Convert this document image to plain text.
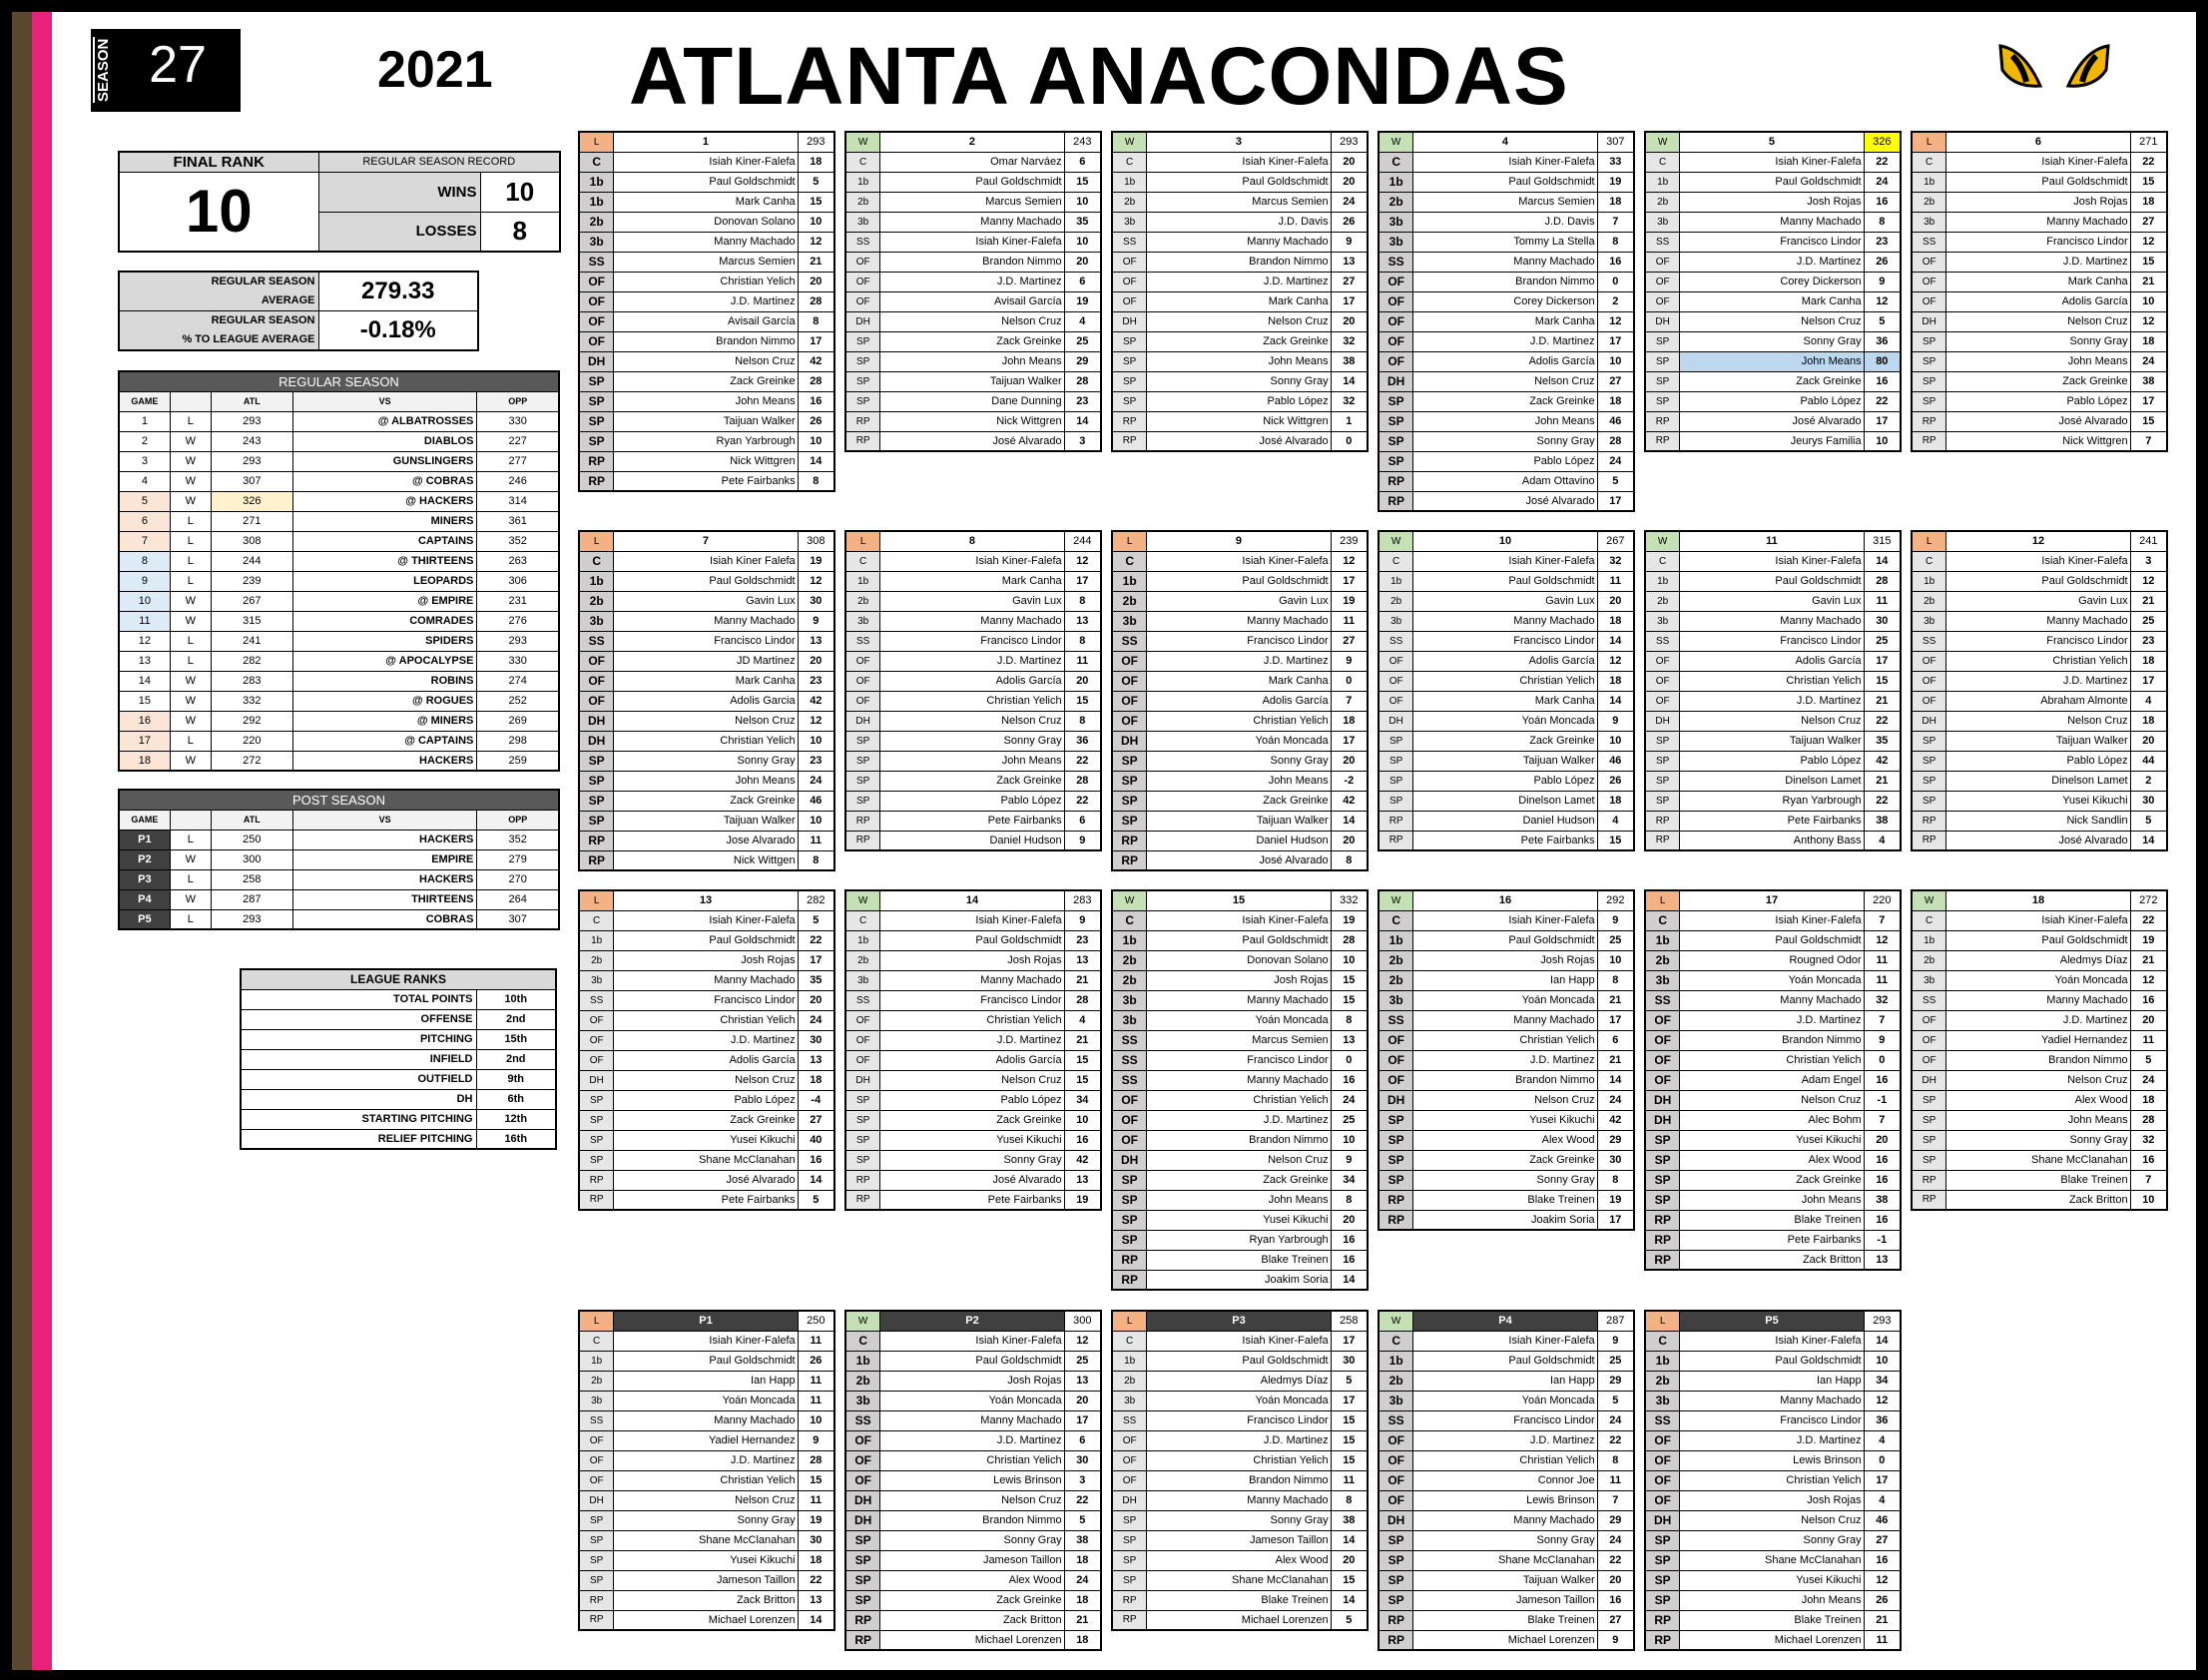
SEASON 27	2021 ATLANTA ANACONDAS
FINAL RANK	REGULAR SEASON RECORD	
10	WINS	10
	LOSSES	8
REGULAR SEASON
AVERAGE	279.33
REGULAR SEASON
% TO LEAGUE AVERAGE	-0.18%
REGULAR SEASON				
GAME		ATL	VS	OPP
1	L	293	@ ALBATROSSES	330
2	W	243	DIABLOS	227
3	W	293	GUNSLINGERS	277
4	W	307	@ COBRAS	246
5	W	326	@ HACKERS	314
6	L	271	MINERS	361
7	L	308	CAPTAINS	352
8	L	244	@ THIRTEENS	263
9	L	239	LEOPARDS	306
10	W	267	@ EMPIRE	231
11	W	315	COMRADES	276
12	L	241	SPIDERS	293
13	L	282	@ APOCALYPSE	330
14	W	283	ROBINS	274
15	W	332	@ ROGUES	252
16	W	292	@ MINERS	269
17	L	220	@ CAPTAINS	298
18	W	272	HACKERS	259
POST SEASON				
GAME		ATL	VS	OPP
P1	L	250	HACKERS	352
P2	W	300	EMPIRE	279
P3	L	258	HACKERS	270
P4	W	287	THIRTEENS	264
P5	L	293	COBRAS	307
LEAGUE RANKS	
TOTAL POINTS	10th
OFFENSE	2nd
PITCHING	15th
INFIELD	2nd
OUTFIELD	9th
DH	6th
STARTING PITCHING	12th
RELIEF PITCHING	16th
L	1	293
C	Isiah Kiner-Falefa	18
1b	Paul Goldschmidt	5
1b	Mark Canha	15
2b	Donovan Solano	10
3b	Manny Machado	12
SS	Marcus Semien	21
OF	Christian Yelich	20
OF	J.D. Martinez	28
OF	Avisail García	8
OF	Brandon Nimmo	17
DH	Nelson Cruz	42
SP	Zack Greinke	28
SP	John Means	16
SP	Taijuan Walker	26
SP	Ryan Yarbrough	10
RP	Nick Wittgren	14
RP	Pete Fairbanks	8
W	2	243
C	Omar Narváez	6
1b	Paul Goldschmidt	15
2b	Marcus Semien	10
3b	Manny Machado	35
SS	Isiah Kiner-Falefa	10
OF	Brandon Nimmo	20
OF	J.D. Martinez	6
OF	Avisail García	19
DH	Nelson Cruz	4
SP	Zack Greinke	25
SP	John Means	29
SP	Taijuan Walker	28
SP	Dane Dunning	23
RP	Nick Wittgren	14
RP	José Alvarado	3
W	3	293
C	Isiah Kiner-Falefa	20
1b	Paul Goldschmidt	20
2b	Marcus Semien	24
3b	J.D. Davis	26
SS	Manny Machado	9
OF	Brandon Nimmo	13
OF	J.D. Martinez	27
OF	Mark Canha	17
DH	Nelson Cruz	20
SP	Zack Greinke	32
SP	John Means	38
SP	Sonny Gray	14
SP	Pablo López	32
RP	Nick Wittgren	1
RP	José Alvarado	0
W	4	307
C	Isiah Kiner-Falefa	33
1b	Paul Goldschmidt	19
2b	Marcus Semien	18
3b	J.D. Davis	7
3b	Tommy La Stella	8
SS	Manny Machado	16
OF	Brandon Nimmo	0
OF	Corey Dickerson	2
OF	Mark Canha	12
OF	J.D. Martinez	17
OF	Adolis García	10
DH	Nelson Cruz	27
SP	Zack Greinke	18
SP	John Means	46
SP	Sonny Gray	28
SP	Pablo López	24
RP	Adam Ottavino	5
RP	José Alvarado	17
W	5	326
C	Isiah Kiner-Falefa	22
1b	Paul Goldschmidt	24
2b	Josh Rojas	16
3b	Manny Machado	8
SS	Francisco Lindor	23
OF	J.D. Martinez	26
OF	Corey Dickerson	9
OF	Mark Canha	12
DH	Nelson Cruz	5
SP	Sonny Gray	36
SP	John Means	80
SP	Zack Greinke	16
SP	Pablo López	22
RP	José Alvarado	17
RP	Jeurys Familia	10
L	6	271
C	Isiah Kiner-Falefa	22
1b	Paul Goldschmidt	15
2b	Josh Rojas	18
3b	Manny Machado	27
SS	Francisco Lindor	12
OF	J.D. Martinez	15
OF	Mark Canha	21
OF	Adolis García	10
DH	Nelson Cruz	12
SP	Sonny Gray	18
SP	John Means	24
SP	Zack Greinke	38
SP	Pablo López	17
RP	José Alvarado	15
RP	Nick Wittgren	7
L	7	308
C	Isiah Kiner Falefa	19
1b	Paul Goldschmidt	12
2b	Gavin Lux	30
3b	Manny Machado	9
SS	Francisco Lindor	13
OF	JD Martinez	20
OF	Mark Canha	23
OF	Adolis Garcia	42
DH	Nelson Cruz	12
DH	Christian Yelich	10
SP	Sonny Gray	23
SP	John Means	24
SP	Zack Greinke	46
SP	Taijuan Walker	10
RP	Jose Alvarado	11
RP	Nick Wittgen	8
L	8	244
C	Isiah Kiner-Falefa	12
1b	Mark Canha	17
2b	Gavin Lux	8
3b	Manny Machado	13
SS	Francisco Lindor	8
OF	J.D. Martinez	11
OF	Adolis García	20
OF	Christian Yelich	15
DH	Nelson Cruz	8
SP	Sonny Gray	36
SP	John Means	22
SP	Zack Greinke	28
SP	Pablo López	22
RP	Pete Fairbanks	6
RP	Daniel Hudson	9
L	9	239
C	Isiah Kiner-Falefa	12
1b	Paul Goldschmidt	17
2b	Gavin Lux	19
3b	Manny Machado	11
SS	Francisco Lindor	27
OF	J.D. Martinez	9
OF	Mark Canha	0
OF	Adolis García	7
OF	Christian Yelich	18
DH	Yoán Moncada	17
SP	Sonny Gray	20
SP	John Means	-2
SP	Zack Greinke	42
SP	Taijuan Walker	14
RP	Daniel Hudson	20
RP	José Alvarado	8
W	10	267
C	Isiah Kiner-Falefa	32
1b	Paul Goldschmidt	11
2b	Gavin Lux	20
3b	Manny Machado	18
SS	Francisco Lindor	14
OF	Adolis García	12
OF	Christian Yelich	18
OF	Mark Canha	14
DH	Yoán Moncada	9
SP	Zack Greinke	10
SP	Taijuan Walker	46
SP	Pablo López	26
SP	Dinelson Lamet	18
RP	Daniel Hudson	4
RP	Pete Fairbanks	15
W	11	315
C	Isiah Kiner-Falefa	14
1b	Paul Goldschmidt	28
2b	Gavin Lux	11
3b	Manny Machado	30
SS	Francisco Lindor	25
OF	Adolis García	17
OF	Christian Yelich	15
OF	J.D. Martinez	21
DH	Nelson Cruz	22
SP	Taijuan Walker	35
SP	Pablo López	42
SP	Dinelson Lamet	21
SP	Ryan Yarbrough	22
RP	Pete Fairbanks	38
RP	Anthony Bass	4
L	12	241
C	Isiah Kiner-Falefa	3
1b	Paul Goldschmidt	12
2b	Gavin Lux	21
3b	Manny Machado	25
SS	Francisco Lindor	23
OF	Christian Yelich	18
OF	J.D. Martinez	17
OF	Abraham Almonte	4
DH	Nelson Cruz	18
SP	Taijuan Walker	20
SP	Pablo López	44
SP	Dinelson Lamet	2
SP	Yusei Kikuchi	30
RP	Nick Sandlin	5
RP	José Alvarado	14
L	13	282
C	Isiah Kiner-Falefa	5
1b	Paul Goldschmidt	22
2b	Josh Rojas	17
3b	Manny Machado	35
SS	Francisco Lindor	20
OF	Christian Yelich	24
OF	J.D. Martinez	30
OF	Adolis García	13
DH	Nelson Cruz	18
SP	Pablo López	-4
SP	Zack Greinke	27
SP	Yusei Kikuchi	40
SP	Shane McClanahan	16
RP	José Alvarado	14
RP	Pete Fairbanks	5
W	14	283
C	Isiah Kiner-Falefa	9
1b	Paul Goldschmidt	23
2b	Josh Rojas	13
3b	Manny Machado	21
SS	Francisco Lindor	28
OF	Christian Yelich	4
OF	J.D. Martinez	21
OF	Adolis García	15
DH	Nelson Cruz	15
SP	Pablo López	34
SP	Zack Greinke	10
SP	Yusei Kikuchi	16
SP	Sonny Gray	42
RP	José Alvarado	13
RP	Pete Fairbanks	19
W	15	332
C	Isiah Kiner-Falefa	19
1b	Paul Goldschmidt	28
2b	Donovan Solano	10
2b	Josh Rojas	15
3b	Manny Machado	15
3b	Yoán Moncada	8
SS	Marcus Semien	13
SS	Francisco Lindor	0
SS	Manny Machado	16
OF	Christian Yelich	24
OF	J.D. Martinez	25
OF	Brandon Nimmo	10
DH	Nelson Cruz	9
SP	Zack Greinke	34
SP	John Means	8
SP	Yusei Kikuchi	20
SP	Ryan Yarbrough	16
RP	Blake Treinen	16
RP	Joakim Soria	14
W	16	292
C	Isiah Kiner-Falefa	9
1b	Paul Goldschmidt	25
2b	Josh Rojas	10
2b	Ian Happ	8
3b	Yoán Moncada	21
SS	Manny Machado	17
OF	Christian Yelich	6
OF	J.D. Martinez	21
OF	Brandon Nimmo	14
DH	Nelson Cruz	24
SP	Yusei Kikuchi	42
SP	Alex Wood	29
SP	Zack Greinke	30
SP	Sonny Gray	8
RP	Blake Treinen	19
RP	Joakim Soria	17
L	17	220
C	Isiah Kiner-Falefa	7
1b	Paul Goldschmidt	12
2b	Rougned Odor	11
3b	Yoán Moncada	11
SS	Manny Machado	32
OF	J.D. Martinez	7
OF	Brandon Nimmo	9
OF	Christian Yelich	0
OF	Adam Engel	16
DH	Nelson Cruz	-1
DH	Alec Bohm	7
SP	Yusei Kikuchi	20
SP	Alex Wood	16
SP	Zack Greinke	16
SP	John Means	38
RP	Blake Treinen	16
RP	Pete Fairbanks	-1
RP	Zack Britton	13
W	18	272
C	Isiah Kiner-Falefa	22
1b	Paul Goldschmidt	19
2b	Aledmys Díaz	21
3b	Yoán Moncada	12
SS	Manny Machado	16
OF	J.D. Martinez	20
OF	Yadiel Hernandez	11
OF	Brandon Nimmo	5
DH	Nelson Cruz	24
SP	Alex Wood	18
SP	John Means	28
SP	Sonny Gray	32
SP	Shane McClanahan	16
RP	Blake Treinen	7
RP	Zack Britton	10
L	P1	250
C	Isiah Kiner-Falefa	11
1b	Paul Goldschmidt	26
2b	Ian Happ	11
3b	Yoán Moncada	11
SS	Manny Machado	10
OF	Yadiel Hernandez	9
OF	J.D. Martinez	28
OF	Christian Yelich	15
DH	Nelson Cruz	11
SP	Sonny Gray	19
SP	Shane McClanahan	30
SP	Yusei Kikuchi	18
SP	Jameson Taillon	22
RP	Zack Britton	13
RP	Michael Lorenzen	14
W	P2	300
C	Isiah Kiner-Falefa	12
1b	Paul Goldschmidt	25
2b	Josh Rojas	13
3b	Yoán Moncada	20
SS	Manny Machado	17
OF	J.D. Martinez	6
OF	Christian Yelich	30
OF	Lewis Brinson	3
DH	Nelson Cruz	22
DH	Brandon Nimmo	5
SP	Sonny Gray	38
SP	Jameson Taillon	18
SP	Alex Wood	24
SP	Zack Greinke	18
RP	Zack Britton	21
RP	Michael Lorenzen	18
L	P3	258
C	Isiah Kiner-Falefa	17
1b	Paul Goldschmidt	30
2b	Aledmys Díaz	5
3b	Yoán Moncada	17
SS	Francisco Lindor	15
OF	J.D. Martinez	15
OF	Christian Yelich	15
OF	Brandon Nimmo	11
DH	Manny Machado	8
SP	Sonny Gray	38
SP	Jameson Taillon	14
SP	Alex Wood	20
SP	Shane McClanahan	15
RP	Blake Treinen	14
RP	Michael Lorenzen	5
W	P4	287
C	Isiah Kiner-Falefa	9
1b	Paul Goldschmidt	25
2b	Ian Happ	29
3b	Yoán Moncada	5
SS	Francisco Lindor	24
OF	J.D. Martinez	22
OF	Christian Yelich	8
OF	Connor Joe	11
OF	Lewis Brinson	7
DH	Manny Machado	29
SP	Sonny Gray	24
SP	Shane McClanahan	22
SP	Taijuan Walker	20
SP	Jameson Taillon	16
RP	Blake Treinen	27
RP	Michael Lorenzen	9
L	P5	293
C	Isiah Kiner-Falefa	14
1b	Paul Goldschmidt	10
2b	Ian Happ	34
3b	Manny Machado	12
SS	Francisco Lindor	36
OF	J.D. Martinez	4
OF	Lewis Brinson	0
OF	Christian Yelich	17
OF	Josh Rojas	4
DH	Nelson Cruz	46
SP	Sonny Gray	27
SP	Shane McClanahan	16
SP	Yusei Kikuchi	12
SP	John Means	26
RP	Blake Treinen	21
RP	Michael Lorenzen	11
